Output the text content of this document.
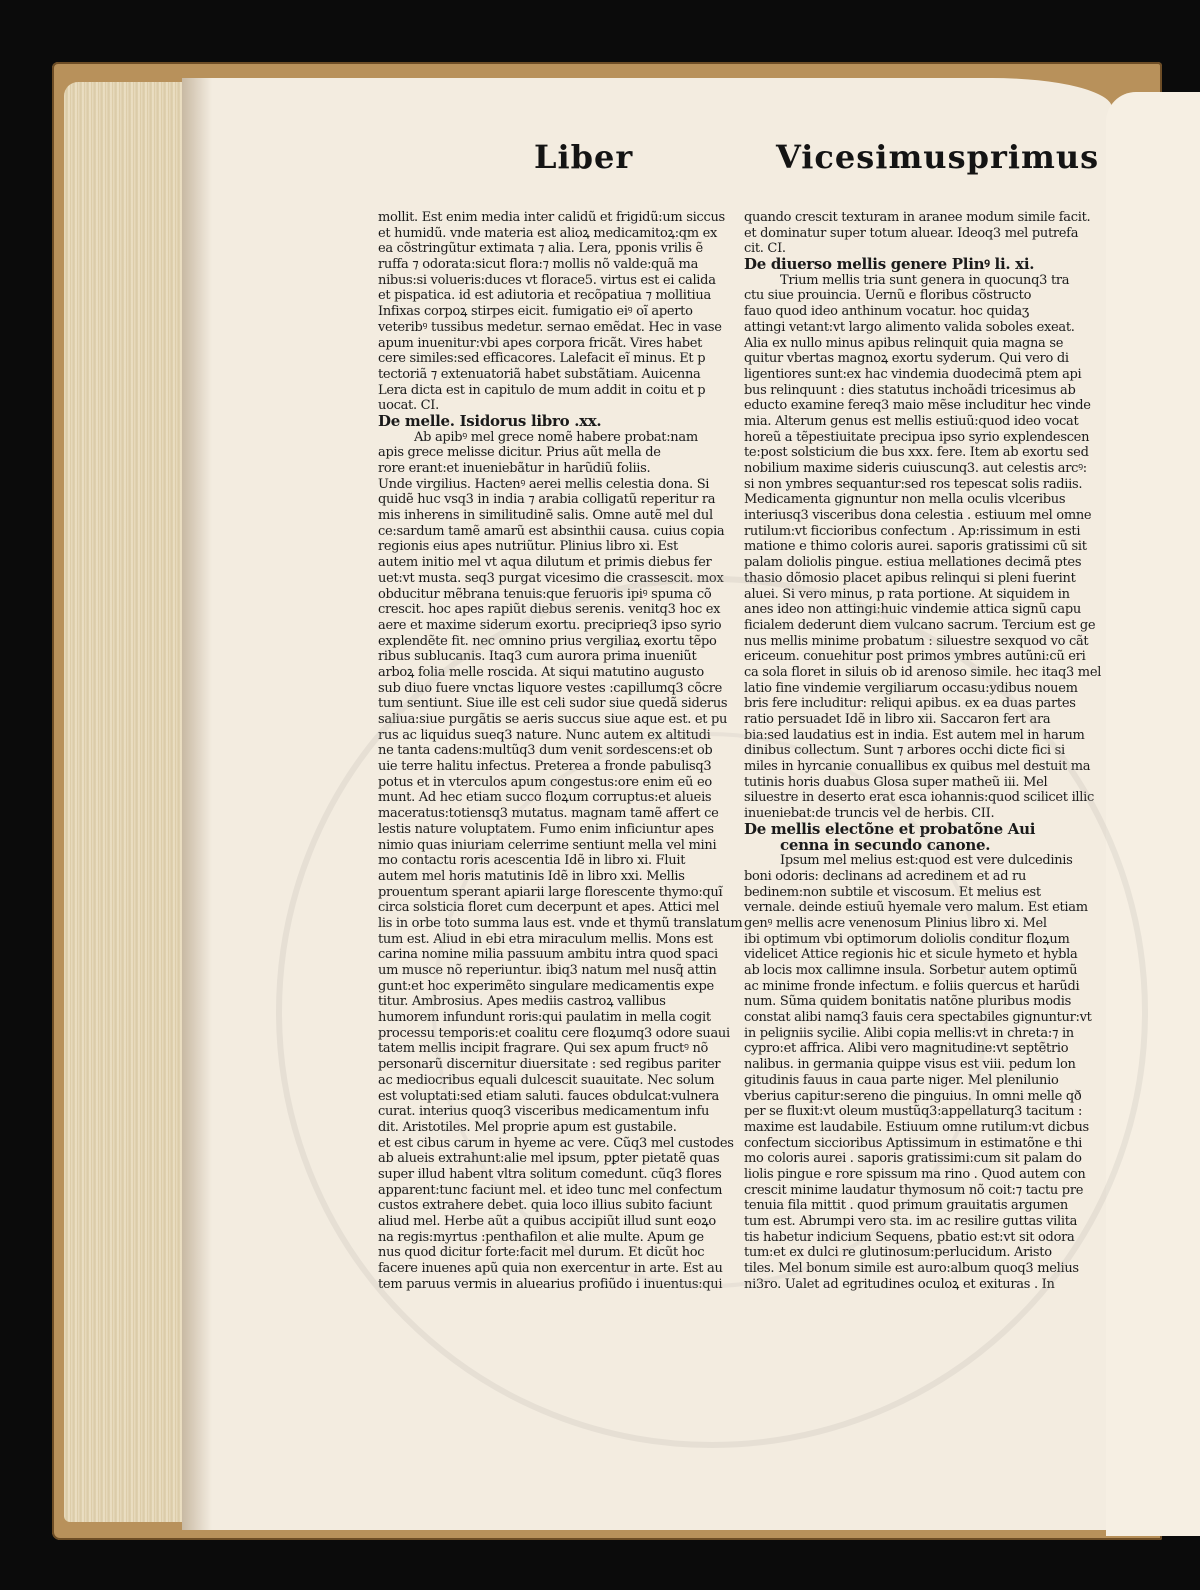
Liber	Vicesimusprimus
mollit. Est enim media inter calidũ et frigidũ:um siccus
et humidũ. vnde materia est alioꝝ medicamitoꝝ:qm ex
ea cõstringũtur extimata ⁊ alia. Lera, pponis vrilis ẽ
ruffa ⁊ odorata:sicut flora:⁊ mollis nõ valde:quã ma
nibus:si volueris:duces vt florace5. virtus est ei calida
et pispatica. id est adiutoria et recõpatiua ⁊ mollitiua
Infixas corpoꝝ stirpes eicit. fumigatio eiꝰ oĩ aperto
veteribꝰ tussibus medetur. sernao emẽdat. Hec in vase
apum inuenitur:vbi apes corpora fricãt. Vires habet
cere similes:sed efficacores. Lalefacit eĩ minus. Et p
tectoriã ⁊ extenuatoriã habet substãtiam. Auicenna
Lera dicta est in capitulo de mum addit in coitu et p
uocat. CI.
De melle. Isidorus libro .xx.
Ab apibꝰ mel grece nomẽ habere probat:nam
apis grece melisse dicitur. Prius aũt mella de
rore erant:et inueniebãtur in harũdiũ foliis.
Unde virgilius. Hactenꝰ aerei mellis celestia dona. Si
quidẽ huc vsq3 in india ⁊ arabia colligatũ reperitur ra
mis inherens in similitudinẽ salis. Omne autẽ mel dul
ce:sardum tamẽ amarũ est absinthii causa. cuius copia
regionis eius apes nutriũtur. Plinius libro xi. Est
autem initio mel vt aqua dilutum et primis diebus fer
uet:vt musta. seq3 purgat vicesimo die crassescit. mox
obducitur mẽbrana tenuis:que feruoris ipiꝰ spuma cõ
crescit. hoc apes rapiũt diebus serenis. venitq3 hoc ex
aere et maxime siderum exortu. preciprieq3 ipso syrio
explendẽte fit. nec omnino prius vergiliaꝝ exortu tẽpo
ribus sublucanis. Itaq3 cum aurora prima inueniũt
arboꝝ folia melle roscida. At siqui matutino augusto
sub diuo fuere vnctas liquore vestes :capillumq3 cõcre
tum sentiunt. Siue ille est celi sudor siue quedã siderus
saliua:siue purgãtis se aeris succus siue aque est. et pu
rus ac liquidus sueq3 nature. Nunc autem ex altitudi
ne tanta cadens:multũq3 dum venit sordescens:et ob
uie terre halitu infectus. Preterea a fronde pabulisq3
potus et in vterculos apum congestus:ore enim eũ eo
munt. Ad hec etiam succo floꝝum corruptus:et alueis
maceratus:totiensq3 mutatus. magnam tamẽ affert ce
lestis nature voluptatem. Fumo enim inficiuntur apes
nimio quas iniuriam celerrime sentiunt mella vel mini
mo contactu roris acescentia Idẽ in libro xi. Fluit
autem mel horis matutinis Idẽ in libro xxi. Mellis
prouentum sperant apiarii large florescente thymo:quĩ
circa solsticia floret cum decerpunt et apes. Attici mel
lis in orbe toto summa laus est. vnde et thymũ translatum
tum est. Aliud in ebi etra miraculum mellis. Mons est
carina nomine milia passuum ambitu intra quod spaci
um musce nõ reperiuntur. ibiq3 natum mel nusq̃ attin
gunt:et hoc experimẽto singulare medicamentis expe
titur. Ambrosius. Apes mediis castroꝝ vallibus
humorem infundunt roris:qui paulatim in mella cogit
processu temporis:et coalitu cere floꝝumq3 odore suaui
tatem mellis incipit fragrare. Qui sex apum fructꝰ nõ
personarũ discernitur diuersitate : sed regibus pariter
ac mediocribus equali dulcescit suauitate. Nec solum
est voluptati:sed etiam saluti. fauces obdulcat:vulnera
curat. interius quoq3 visceribus medicamentum infu
dit. Aristotiles. Mel proprie apum est gustabile.
et est cibus carum in hyeme ac vere. Cũq3 mel custodes
ab alueis extrahunt:alie mel ipsum, pꝑter pietatẽ quas
super illud habent vltra solitum comedunt. cũq3 flores
apparent:tunc faciunt mel. et ideo tunc mel confectum
custos extrahere debet. quia loco illius subito faciunt
aliud mel. Herbe aũt a quibus accipiũt illud sunt eoꝝo
na regis:myrtus :penthafilon et alie multe. Apum ge
nus quod dicitur forte:facit mel durum. Et dicũt hoc
facere inuenes apũ quia non exercentur in arte. Est au
tem paruus vermis in aluearius profiũdo i inuentus:qui
quando crescit texturam in aranee modum simile facit.
et dominatur super totum aluear. Ideoq3 mel putrefa
cit. CI.
De diuerso mellis genere Plinꝰ li. xi.
Trium mellis tria sunt genera in quocunq3 tra
ctu siue prouincia. Uernũ e floribus cõstructo
fauo quod ideo anthinum vocatur. hoc quidaʒ
attingi vetant:vt largo alimento valida soboles exeat.
Alia ex nullo minus apibus relinquit quia magna se
quitur vbertas magnoꝝ exortu syderum. Qui vero di
ligentiores sunt:ex hac vindemia duodecimã ptem api
bus relinquunt : dies statutus inchoãdi tricesimus ab
educto examine fereq3 maio mẽse includitur hec vinde
mia. Alterum genus est mellis estiuũ:quod ideo vocat
horeũ a tẽpestiuitate precipua ipso syrio explendescen
te:post solsticium die bus xxx. fere. Item ab exortu sed
nobilium maxime sideris cuiuscunq3. aut celestis arcꝰ:
si non ymbres sequantur:sed ros tepescat solis radiis.
Medicamenta gignuntur non mella oculis vlceribus
interiusq3 visceribus dona celestia . estiuum mel omne
rutilum:vt ficcioribus confectum . Ap:rissimum in esti
matione e thimo coloris aurei. saporis gratissimi cũ sit
palam doliolis pingue. estiua mellationes decimã ptes
thasio dõmosio placet apibus relinqui si pleni fuerint
aluei. Si vero minus, p rata portione. At siquidem in
anes ideo non attingi:huic vindemie attica signũ capu
ficialem dederunt diem vulcano sacrum. Tercium est ge
nus mellis minime probatum : siluestre sexquod vo cãt
ericeum. conuehitur post primos ymbres autũni:cũ eri
ca sola floret in siluis ob id arenoso simile. hec itaq3 mel
latio fine vindemie vergiliarum occasu:ydibus nouem
bris fere includitur: reliqui apibus. ex ea duas partes
ratio persuadet Idẽ in libro xii. Saccaron fert ara
bia:sed laudatius est in india. Est autem mel in harum
dinibus collectum. Sunt ⁊ arbores occhi dicte fici si
miles in hyrcanie conuallibus ex quibus mel destuit ma
tutinis horis duabus Glosa super matheũ iii. Mel
siluestre in deserto erat esca iohannis:quod scilicet illic
inueniebat:de truncis vel de herbis. CII.
De mellis electõne et probatõne Aui
cenna in secundo canone.
Ipsum mel melius est:quod est vere dulcedinis
boni odoris: declinans ad acredinem et ad ru
bedinem:non subtile et viscosum. Et melius est
vernale. deinde estiuũ hyemale vero malum. Est etiam
genꝰ mellis acre venenosum Plinius libro xi. Mel
ibi optimum vbi optimorum doliolis conditur floꝝum
videlicet Attice regionis hic et sicule hymeto et hybla
ab locis mox callimne insula. Sorbetur autem optimũ
ac minime fronde infectum. e foliis quercus et harũdi
num. Sũma quidem bonitatis natõne pluribus modis
constat alibi namq3 fauis cera spectabiles gignuntur:vt
in peligniis sycilie. Alibi copia mellis:vt in chreta:⁊ in
cypro:et affrica. Alibi vero magnitudine:vt septẽtrio
nalibus. in germania quippe visus est viii. pedum lon
gitudinis fauus in caua parte niger. Mel plenilunio
vberius capitur:sereno die pinguius. In omni melle qð
per se fluxit:vt oleum mustũq3:appellaturq3 tacitum :
maxime est laudabile. Estiuum omne rutilum:vt dicbus
confectum siccioribus Aptissimum in estimatõne e thi
mo coloris aurei . saporis gratissimi:cum sit palam do
liolis pingue e rore spissum ma rino . Quod autem con
crescit minime laudatur thymosum nõ coit:⁊ tactu pre
tenuia fila mittit . quod primum grauitatis argumen
tum est. Abrumpi vero sta. im ac resilire guttas vilita
tis habetur indicium Sequens, pbatio est:vt sit odora
tum:et ex dulci re glutinosum:perlucidum. Aristo
tiles. Mel bonum simile est auro:album quoq3 melius
ni3ro. Ualet ad egritudines oculoꝝ et exituras . In
